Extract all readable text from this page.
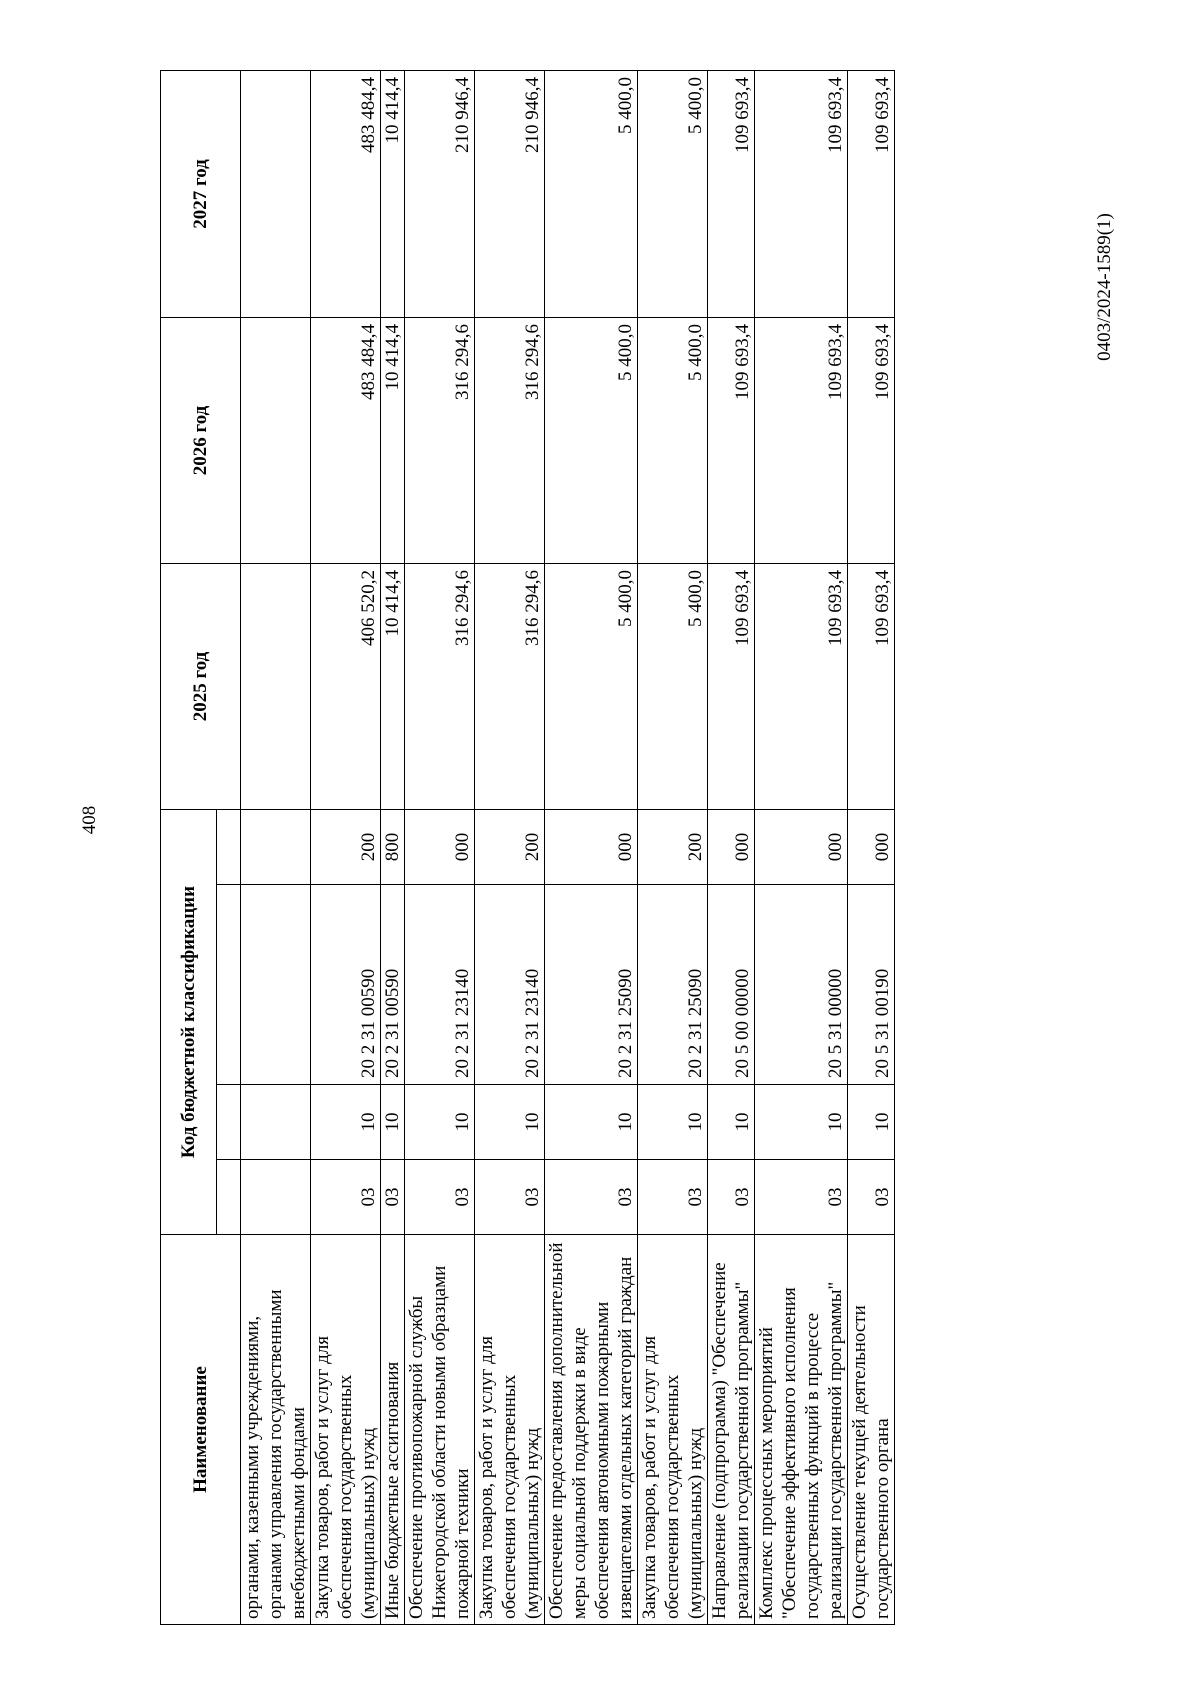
408
0403/2024-1589(1)
Наименование	Код бюджетной классификации				2025 год	2026 год	2027 год

органами, казенными учреждениями, органами управления государственными внебюджетными фондами							
Закупка товаров, работ и услуг для обеспечения государственных (муниципальных) нужд	03	10	20 2 31 00590	200	406 520,2	483 484,4	483 484,4
Иные бюджетные ассигнования	03	10	20 2 31 00590	800	10 414,4	10 414,4	10 414,4
Обеспечение противопожарной службы Нижегородской области новыми образцами пожарной техники	03	10	20 2 31 23140	000	316 294,6	316 294,6	210 946,4
Закупка товаров, работ и услуг для обеспечения государственных (муниципальных) нужд	03	10	20 2 31 23140	200	316 294,6	316 294,6	210 946,4
Обеспечение предоставления дополнительной меры социальной поддержки в виде обеспечения автономными пожарными извещателями отдельных категорий граждан	03	10	20 2 31 25090	000	5 400,0	5 400,0	5 400,0
Закупка товаров, работ и услуг для обеспечения государственных (муниципальных) нужд	03	10	20 2 31 25090	200	5 400,0	5 400,0	5 400,0
Направление (подпрограмма) "Обеспечение реализации государственной программы"	03	10	20 5 00 00000	000	109 693,4	109 693,4	109 693,4
Комплекс процессных мероприятий "Обеспечение эффективного исполнения государственных функций в процессе реализации государственной программы"	03	10	20 5 31 00000	000	109 693,4	109 693,4	109 693,4
Осуществление текущей деятельности государственного органа	03	10	20 5 31 00190	000	109 693,4	109 693,4	109 693,4
